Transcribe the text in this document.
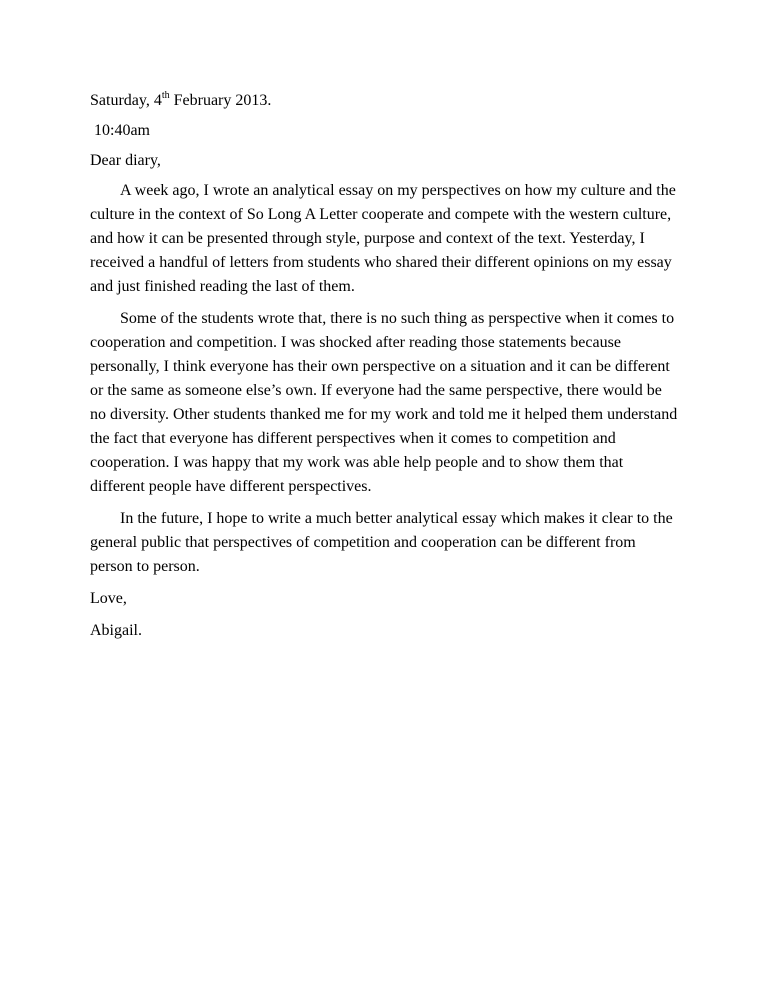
Saturday, 4th February 2013.

10:40am

Dear diary,

A week ago, I wrote an analytical essay on my perspectives on how my culture and the culture in the context of So Long A Letter cooperate and compete with the western culture, and how it can be presented through style, purpose and context of the text. Yesterday, I received a handful of letters from students who shared their different opinions on my essay and just finished reading the last of them.

Some of the students wrote that, there is no such thing as perspective when it comes to cooperation and competition. I was shocked after reading those statements because personally, I think everyone has their own perspective on a situation and it can be different or the same as someone else’s own. If everyone had the same perspective, there would be no diversity. Other students thanked me for my work and told me it helped them understand the fact that everyone has different perspectives when it comes to competition and cooperation. I was happy that my work was able help people and to show them that different people have different perspectives.

In the future, I hope to write a much better analytical essay which makes it clear to the general public that perspectives of competition and cooperation can be different from person to person.

Love,

Abigail.
